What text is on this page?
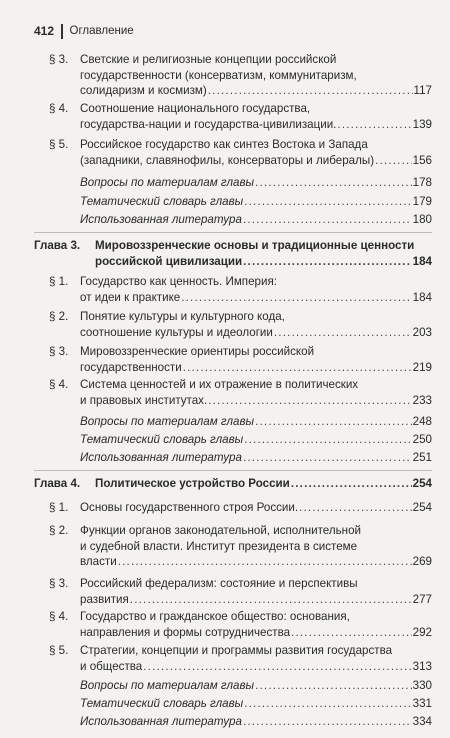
412 Оглавление
§ 3. Светские и религиозные концепции российской
государственности (консерватизм, коммунитаризм,
солидаризм и космизм) .....	117
§ 4. Соотношение национального государства,
государства-нации и государства-цивилизации. .....	139
§ 5. Российское государство как синтез Востока и Запада
(западники, славянофилы, консерваторы и либералы) .....	156
Вопросы по материалам главы .....	178
Тематический словарь главы .....	179
Использованная литература .....	180
Глава 3. Мировоззренческие основы и традиционные ценности
российской цивилизации .....	184
§ 1. Государство как ценность. Империя:
от идеи к практике .....	184
§ 2. Понятие культуры и культурного кода,
соотношение культуры и идеологии .....	203
§ 3. Мировоззренческие ориентиры российской
государственности .....	219
§ 4. Система ценностей и их отражение в политических
и правовых институтах. .....	233
Вопросы по материалам главы .....	248
Тематический словарь главы .....	250
Использованная литература .....	251
Глава 4. Политическое устройство России .....	254
§ 1. Основы государственного строя России. .....	254
§ 2. Функции органов законодательной, исполнительной
и судебной власти. Институт президента в системе
власти .....	269
§ 3. Российский федерализм: состояние и перспективы
развития .....	277
§ 4. Государство и гражданское общество: основания,
направления и формы сотрудничества .....	292
§ 5. Стратегии, концепции и программы развития государства
и общества .....	313
Вопросы по материалам главы .....	330
Тематический словарь главы .....	331
Использованная литература .....	334
